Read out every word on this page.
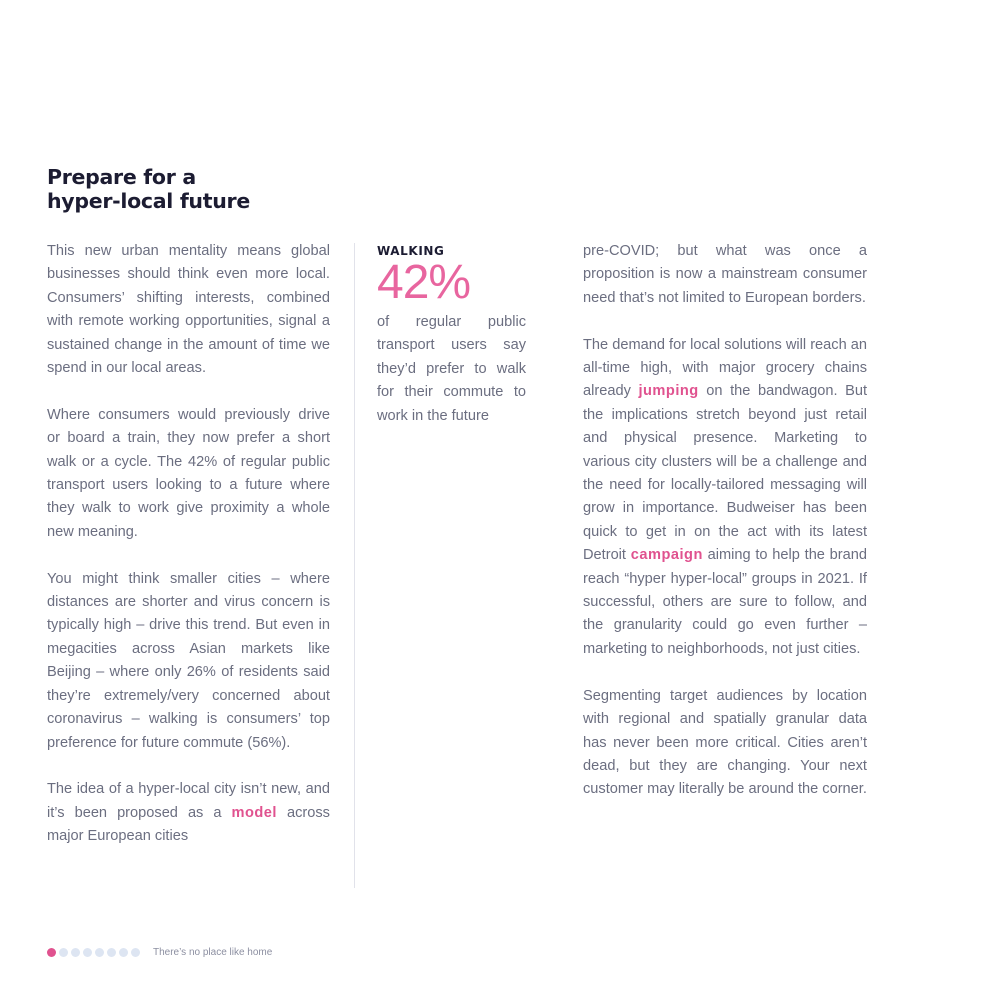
Prepare for a
hyper-local future

This new urban mentality means global businesses should think even more local. Consumers’ shifting interests, combined with remote working opportunities, signal a sustained change in the amount of time we spend in our local areas.

Where consumers would previously drive or board a train, they now prefer a short walk or a cycle. The 42% of regular public transport users looking to a future where they walk to work give proximity a whole new meaning.

You might think smaller cities – where distances are shorter and virus concern is typically high – drive this trend. But even in megacities across Asian markets like Beijing – where only 26% of residents said they’re extremely/very concerned about coronavirus – walking is consumers’ top preference for future commute (56%).

The idea of a hyper-local city isn’t new, and it’s been proposed as a model across major European cities

WALKING
42%

of regular public transport users say they’d prefer to walk for their commute to work in the future

pre-COVID; but what was once a proposition is now a mainstream consumer need that’s not limited to European borders.

The demand for local solutions will reach an all-time high, with major grocery chains already jumping on the bandwagon. But the implications stretch beyond just retail and physical presence. Marketing to various city clusters will be a challenge and the need for locally-tailored messaging will grow in importance. Budweiser has been quick to get in on the act with its latest Detroit campaign aiming to help the brand reach “hyper hyper-local” groups in 2021. If successful, others are sure to follow, and the granularity could go even further – marketing to neighborhoods, not just cities.

Segmenting target audiences by location with regional and spatially granular data has never been more critical. Cities aren’t dead, but they are changing. Your next customer may literally be around the corner.

There’s no place like home
